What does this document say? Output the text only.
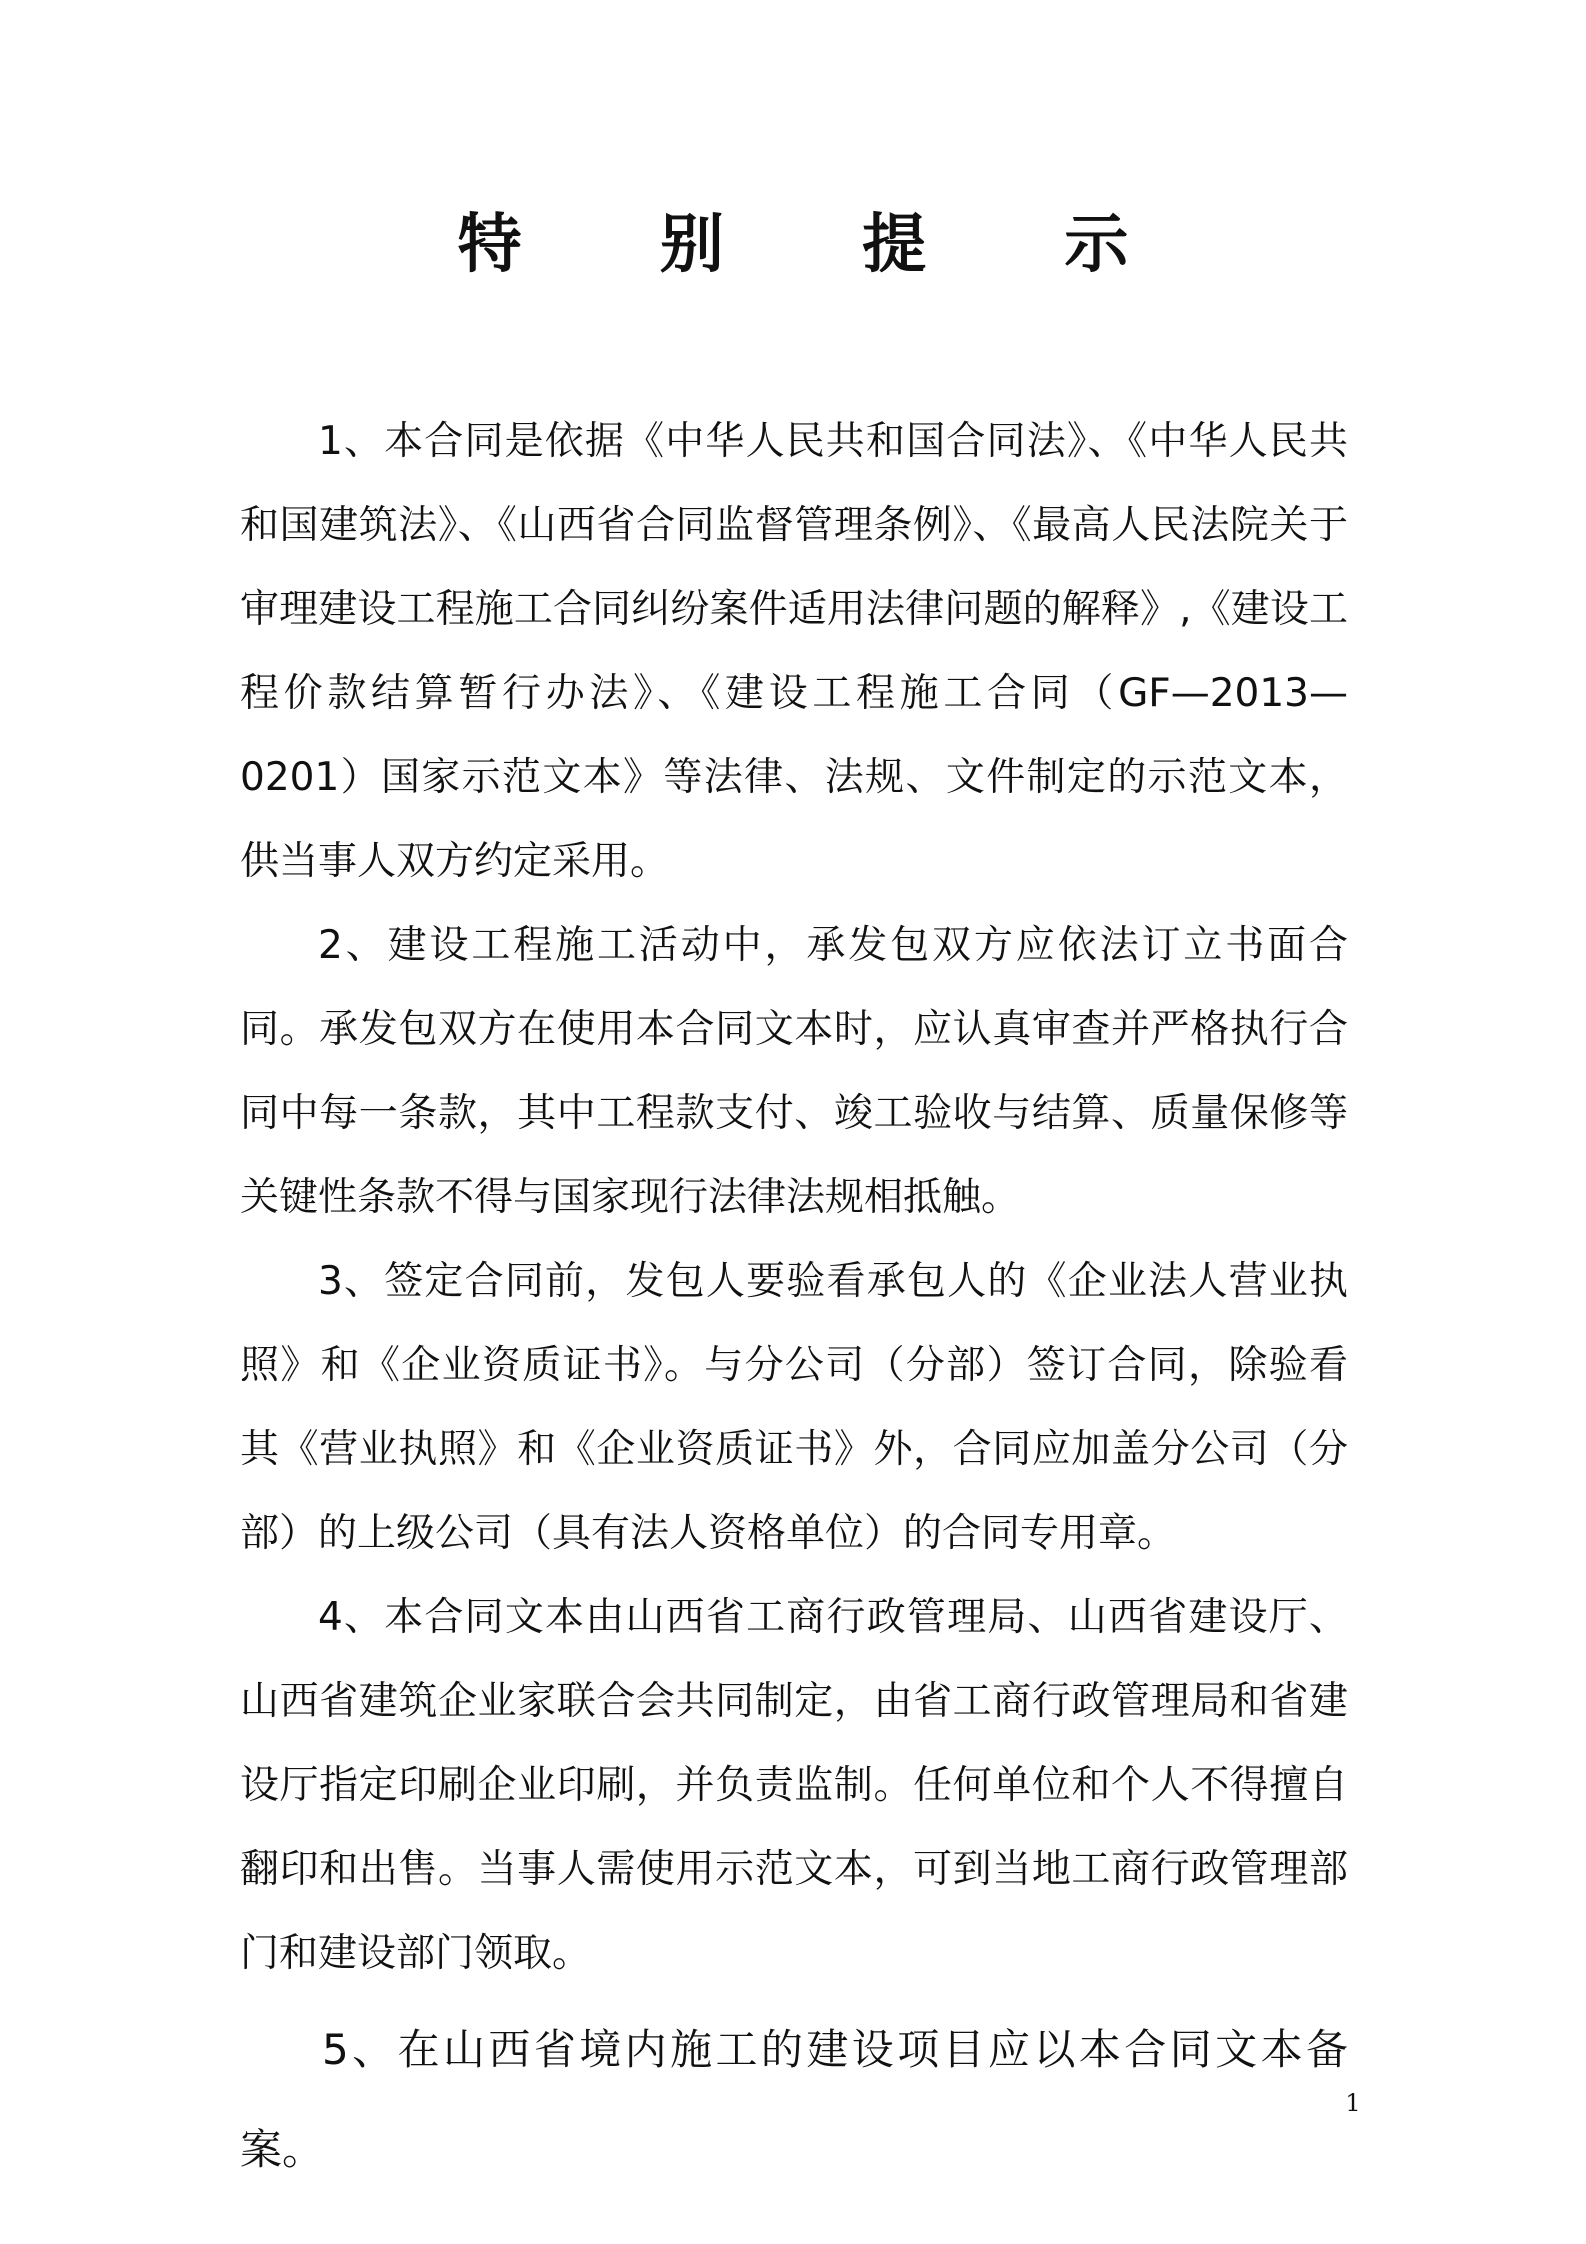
特 别 提 示

1、本合同是依据《中华人民共和国合同法》、《中华人民共和国建筑法》、《山西省合同监督管理条例》、《最高人民法院关于审理建设工程施工合同纠纷案件适用法律问题的解释》,《建设工程价款结算暂行办法》、《建设工程施工合同（GF—2013—0201）国家示范文本》等法律、法规、文件制定的示范文本，供当事人双方约定采用。

2、建设工程施工活动中，承发包双方应依法订立书面合同。承发包双方在使用本合同文本时，应认真审查并严格执行合同中每一条款，其中工程款支付、竣工验收与结算、质量保修等关键性条款不得与国家现行法律法规相抵触。

3、签定合同前，发包人要验看承包人的《企业法人营业执照》和《企业资质证书》。与分公司（分部）签订合同，除验看其《营业执照》和《企业资质证书》外，合同应加盖分公司（分部）的上级公司（具有法人资格单位）的合同专用章。

4、本合同文本由山西省工商行政管理局、山西省建设厅、山西省建筑企业家联合会共同制定，由省工商行政管理局和省建设厅指定印刷企业印刷，并负责监制。任何单位和个人不得擅自翻印和出售。当事人需使用示范文本，可到当地工商行政管理部门和建设部门领取。

5、在山西省境内施工的建设项目应以本合同文本备案。

1
